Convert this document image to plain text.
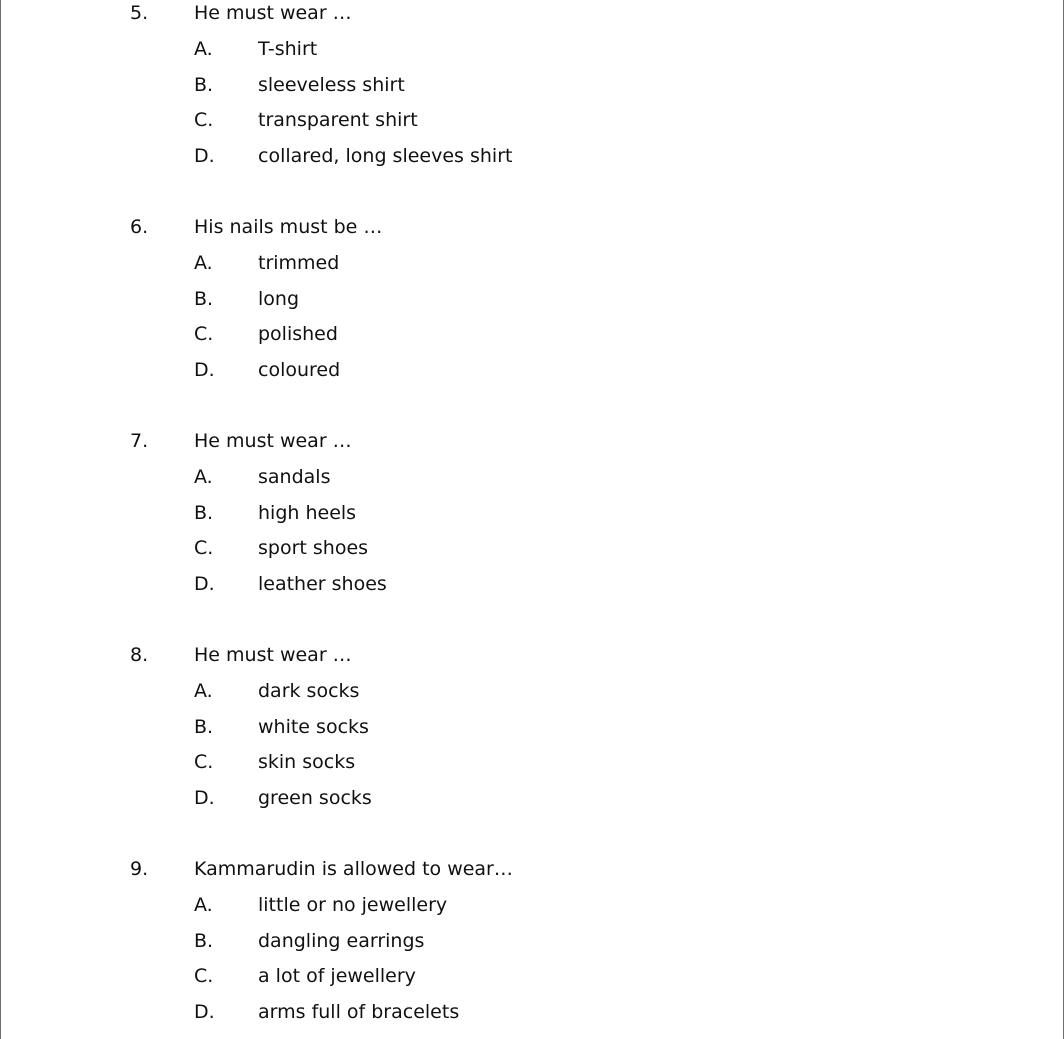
5. He must wear …
A. T-shirt
B. sleeveless shirt
C. transparent shirt
D. collared, long sleeves shirt
6. His nails must be …
A. trimmed
B. long
C. polished
D. coloured
7. He must wear …
A. sandals
B. high heels
C. sport shoes
D. leather shoes
8. He must wear …
A. dark socks
B. white socks
C. skin socks
D. green socks
9. Kammarudin is allowed to wear…
A. little or no jewellery
B. dangling earrings
C. a lot of jewellery
D. arms full of bracelets
